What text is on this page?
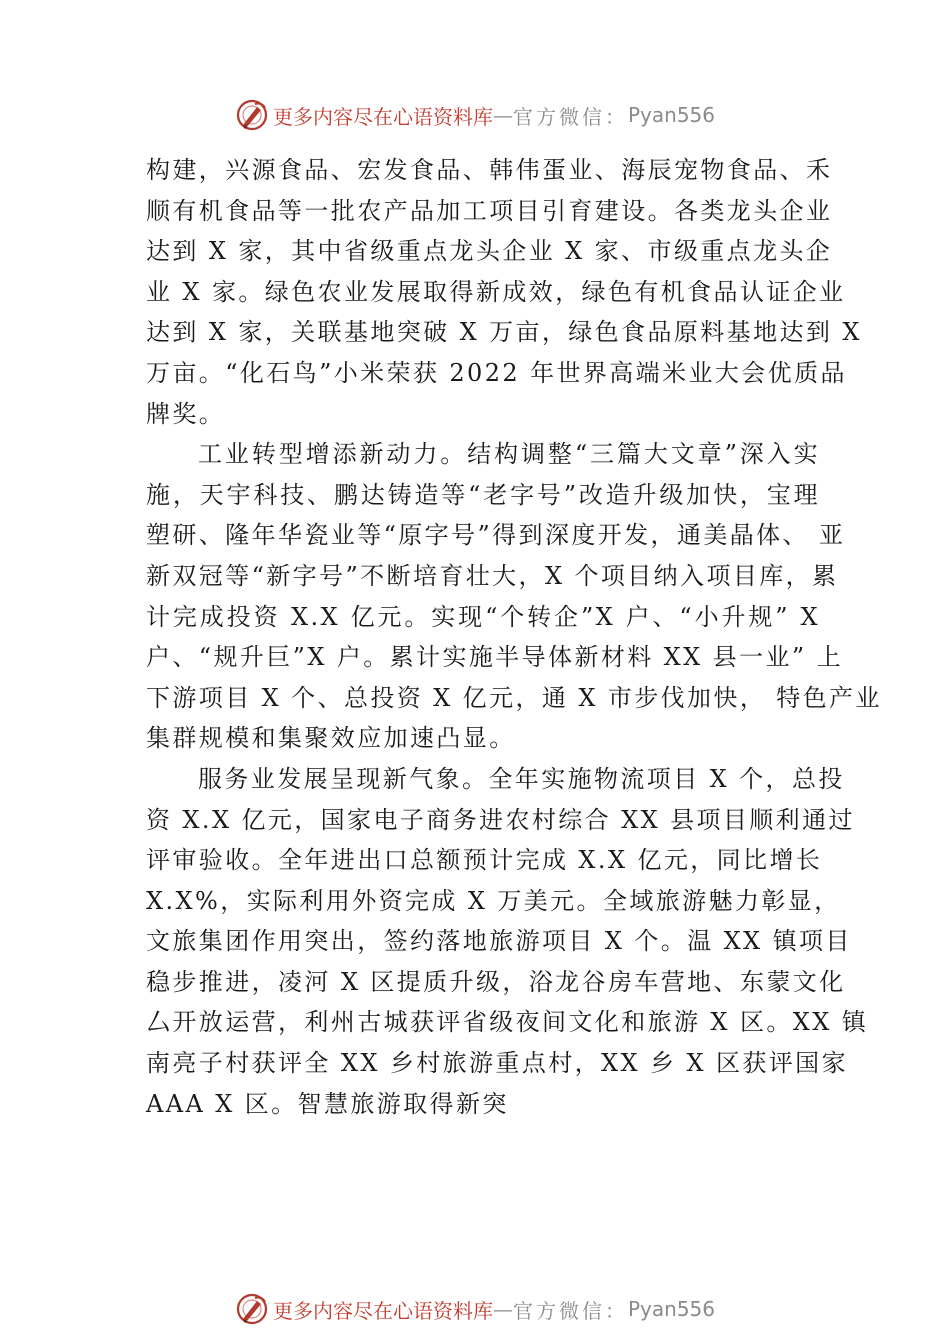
更多内容尽在心语资料库 — 官方微信： Pyan556
构建，兴源食品、宏发食品、韩伟蛋业、海辰宠物食品、禾
顺有机食品等一批农产品加工项目引育建设。各类龙头企业
达到 X 家，其中省级重点龙头企业 X 家、市级重点龙头企
业 X 家。绿色农业发展取得新成效，绿色有机食品认证企业
达到 X 家，关联基地突破 X 万亩，绿色食品原料基地达到 X
万亩。“化石鸟”小米荣获 2022 年世界高端米业大会优质品
牌奖。
工业转型增添新动力。结构调整“三篇大文章”深入实
施，天宇科技、鹏达铸造等“老字号”改造升级加快，宝理
塑研、隆年华瓷业等“原字号”得到深度开发，通美晶体、 亚
新双冠等“新字号”不断培育壮大，X 个项目纳入项目库，累
计完成投资 X.X 亿元。实现“个转企”X 户、“小升规” X
户、“规升巨”X 户。累计实施半导体新材料 XX 县一业” 上
下游项目 X 个、总投资 X 亿元，通 X 市步伐加快， 特色产业
集群规模和集聚效应加速凸显。
服务业发展呈现新气象。全年实施物流项目 X 个，总投
资 X.X 亿元，国家电子商务进农村综合 XX 县项目顺利通过
评审验收。全年进出口总额预计完成 X.X 亿元，同比增长
X.X%，实际利用外资完成 X 万美元。全域旅游魅力彰显，
文旅集团作用突出，签约落地旅游项目 X 个。温 XX 镇项目
稳步推进，凌河 X 区提质升级，浴龙谷房车营地、东蒙文化
厶开放运营，利州古城获评省级夜间文化和旅游 X 区。XX 镇
南亮子村获评全 XX 乡村旅游重点村，XX 乡 X 区获评国家
AAA X 区。智慧旅游取得新突
更多内容尽在心语资料库 — 官方微信： Pyan556
